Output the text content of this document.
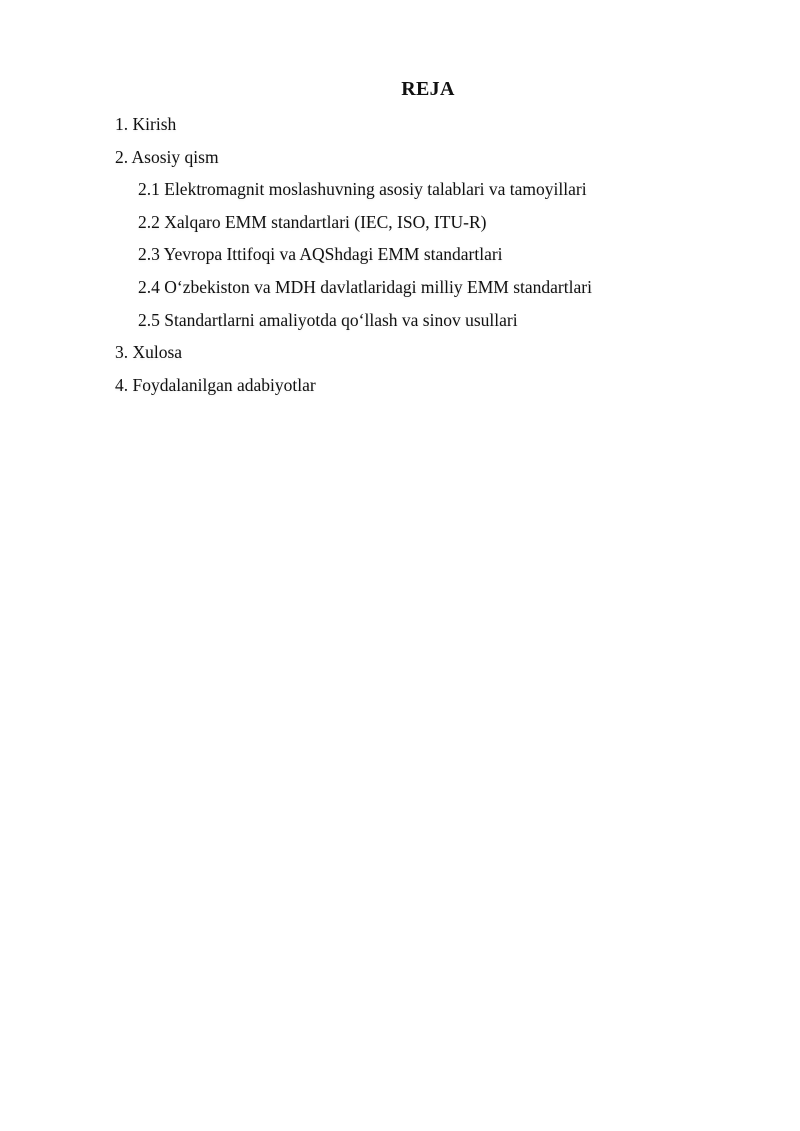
REJA
1. Kirish
2. Asosiy qism
2.1 Elektromagnit moslashuvning asosiy talablari va tamoyillari
2.2 Xalqaro EMM standartlari (IEC, ISO, ITU-R)
2.3 Yevropa Ittifoqi va AQShdagi EMM standartlari
2.4 O‘zbekiston va MDH davlatlaridagi milliy EMM standartlari
2.5 Standartlarni amaliyotda qo‘llash va sinov usullari
3. Xulosa
4. Foydalanilgan adabiyotlar
